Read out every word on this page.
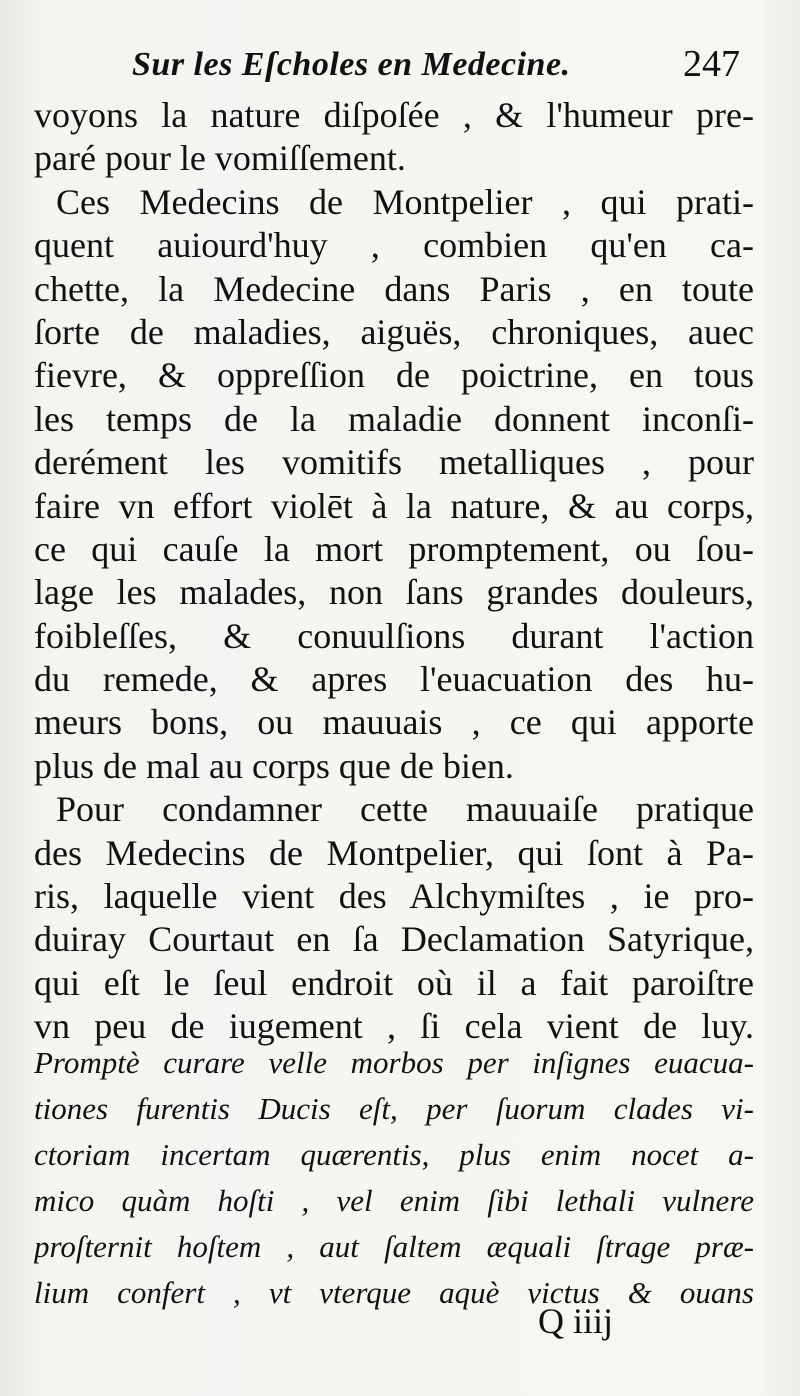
Sur les Eſcholes en Medecine.	247
voyons la nature diſpoſée , & l'humeur pre-
paré pour le vomiſſement.
Ces Medecins de Montpelier , qui prati-
quent auiourd'huy , combien qu'en ca-
chette, la Medecine dans Paris , en toute
ſorte de maladies, aiguës, chroniques, auec
fievre, & oppreſſion de poictrine, en tous
les temps de la maladie donnent inconſi-
derément les vomitifs metalliques , pour
faire vn effort violēt à la nature, & au corps,
ce qui cauſe la mort promptement, ou ſou-
lage les malades, non ſans grandes douleurs,
foibleſſes, & conuulſions durant l'action
du remede, & apres l'euacuation des hu-
meurs bons, ou mauuais , ce qui apporte
plus de mal au corps que de bien.
Pour condamner cette mauuaiſe pratique
des Medecins de Montpelier, qui ſont à Pa-
ris, laquelle vient des Alchymiſtes , ie pro-
duiray Courtaut en ſa Declamation Satyrique,
qui eſt le ſeul endroit où il a fait paroiſtre
vn peu de iugement , ſi cela vient de luy.
Promptè curare velle morbos per inſignes euacua-
tiones furentis Ducis eſt, per ſuorum clades vi-
ctoriam incertam quærentis, plus enim nocet a-
mico quàm hoſti , vel enim ſibi lethali vulnere
proſternit hoſtem , aut ſaltem æquali ſtrage præ-
lium confert , vt vterque aquè victus & ouans
Q iiij
